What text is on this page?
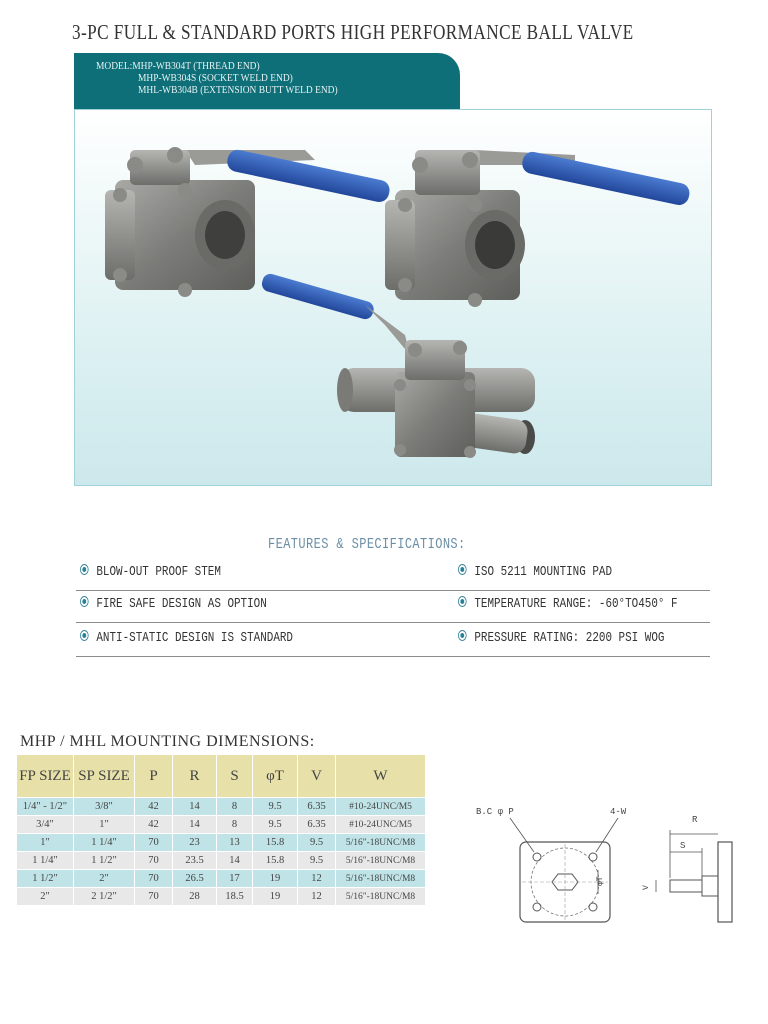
3-PC FULL & STANDARD PORTS HIGH PERFORMANCE BALL VALVE
MODEL:MHP-WB304T (THREAD END)
MHP-WB304S (SOCKET WELD END)
MHL-WB304B (EXTENSION BUTT WELD END)
FEATURES & SPECIFICATIONS:
BLOW-OUT PROOF STEM	ISO 5211 MOUNTING PAD
FIRE SAFE DESIGN AS OPTION	TEMPERATURE RANGE: -60°TO450° F
ANTI-STATIC DESIGN IS STANDARD	PRESSURE RATING: 2200 PSI WOG
MHP / MHL MOUNTING DIMENSIONS:
FP SIZE	SP SIZE	P	R	S	φT	V	W
1/4" - 1/2"	3/8"	42	14	8	9.5	6.35	#10-24UNC/M5
3/4"	1"	42	14	8	9.5	6.35	#10-24UNC/M5
1"	1 1/4"	70	23	13	15.8	9.5	5/16"-18UNC/M8
1 1/4"	1 1/2"	70	23.5	14	15.8	9.5	5/16"-18UNC/M8
1 1/2"	2"	70	26.5	17	19	12	5/16"-18UNC/M8
2"	2 1/2"	70	28	18.5	19	12	5/16"-18UNC/M8
B.C φ P	4-W
φT
R
S
V
